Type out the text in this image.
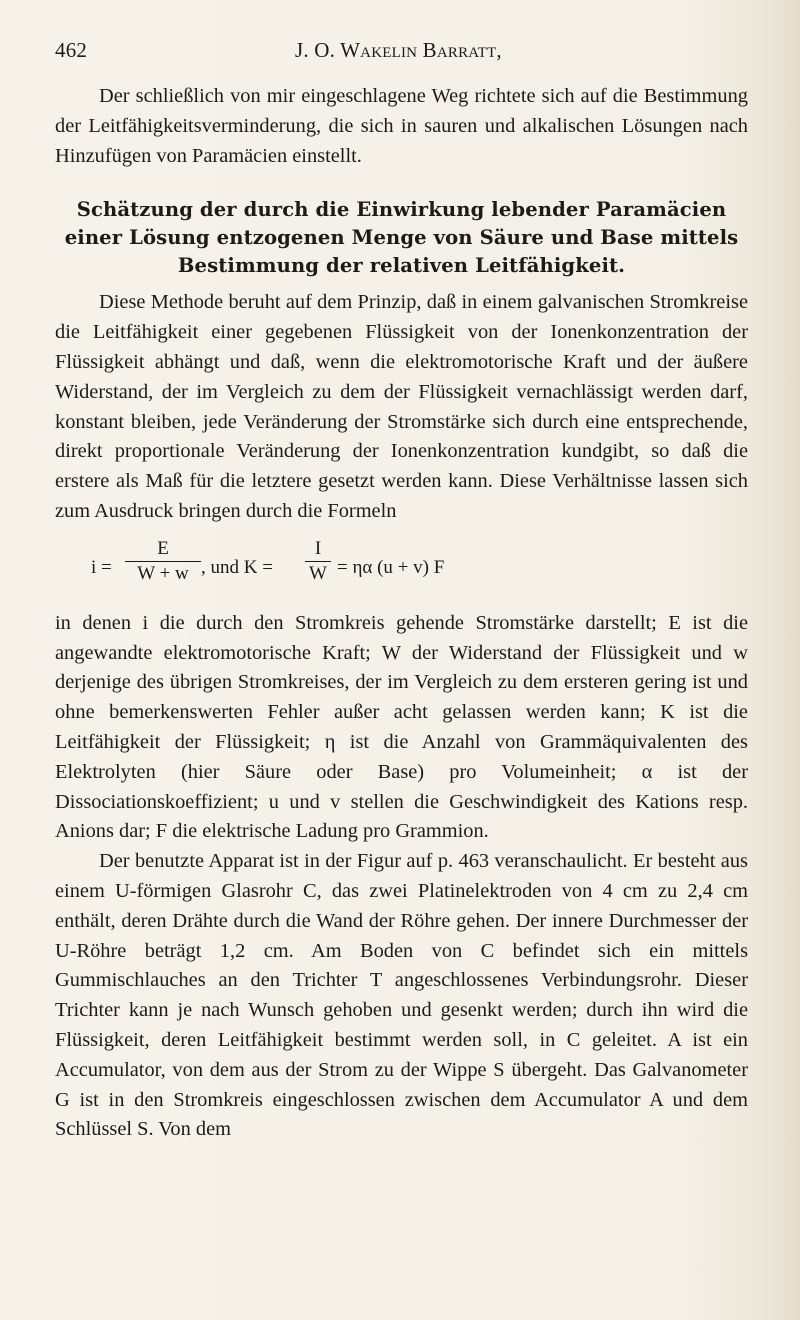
462	J. O. Wakelin Barratt,

Der schließlich von mir eingeschlagene Weg richtete sich auf die Bestimmung der Leitfähigkeitsverminderung, die sich in sauren und alkalischen Lösungen nach Hinzufügen von Paramäcien einstellt.

Schätzung der durch die Einwirkung lebender Paramäcien einer Lösung entzogenen Menge von Säure und Base mittels Bestimmung der relativen Leitfähigkeit.

Diese Methode beruht auf dem Prinzip, daß in einem galvanischen Stromkreise die Leitfähigkeit einer gegebenen Flüssigkeit von der Ionenkonzentration der Flüssigkeit abhängt und daß, wenn die elektromotorische Kraft und der äußere Widerstand, der im Vergleich zu dem der Flüssigkeit vernachlässigt werden darf, konstant bleiben, jede Veränderung der Stromstärke sich durch eine entsprechende, direkt proportionale Veränderung der Ionenkonzentration kundgibt, so daß die erstere als Maß für die letztere gesetzt werden kann. Diese Verhältnisse lassen sich zum Ausdruck bringen durch die Formeln

i =
E
W + w , und K =
I
W = ηα (u + v) F

in denen i die durch den Stromkreis gehende Stromstärke darstellt; E ist die angewandte elektromotorische Kraft; W der Widerstand der Flüssigkeit und w derjenige des übrigen Stromkreises, der im Vergleich zu dem ersteren gering ist und ohne bemerkenswerten Fehler außer acht gelassen werden kann; K ist die Leitfähigkeit der Flüssigkeit; η ist die Anzahl von Grammäquivalenten des Elektrolyten (hier Säure oder Base) pro Volumeinheit; α ist der Dissociationskoeffizient; u und v stellen die Geschwindigkeit des Kations resp. Anions dar; F die elektrische Ladung pro Grammion.

Der benutzte Apparat ist in der Figur auf p. 463 veranschaulicht. Er besteht aus einem U-förmigen Glasrohr C, das zwei Platinelektroden von 4 cm zu 2,4 cm enthält, deren Drähte durch die Wand der Röhre gehen. Der innere Durchmesser der U-Röhre beträgt 1,2 cm. Am Boden von C befindet sich ein mittels Gummischlauches an den Trichter T angeschlossenes Verbindungsrohr. Dieser Trichter kann je nach Wunsch gehoben und gesenkt werden; durch ihn wird die Flüssigkeit, deren Leitfähigkeit bestimmt werden soll, in C geleitet. A ist ein Accumulator, von dem aus der Strom zu der Wippe S übergeht. Das Galvanometer G ist in den Stromkreis eingeschlossen zwischen dem Accumulator A und dem Schlüssel S. Von dem
